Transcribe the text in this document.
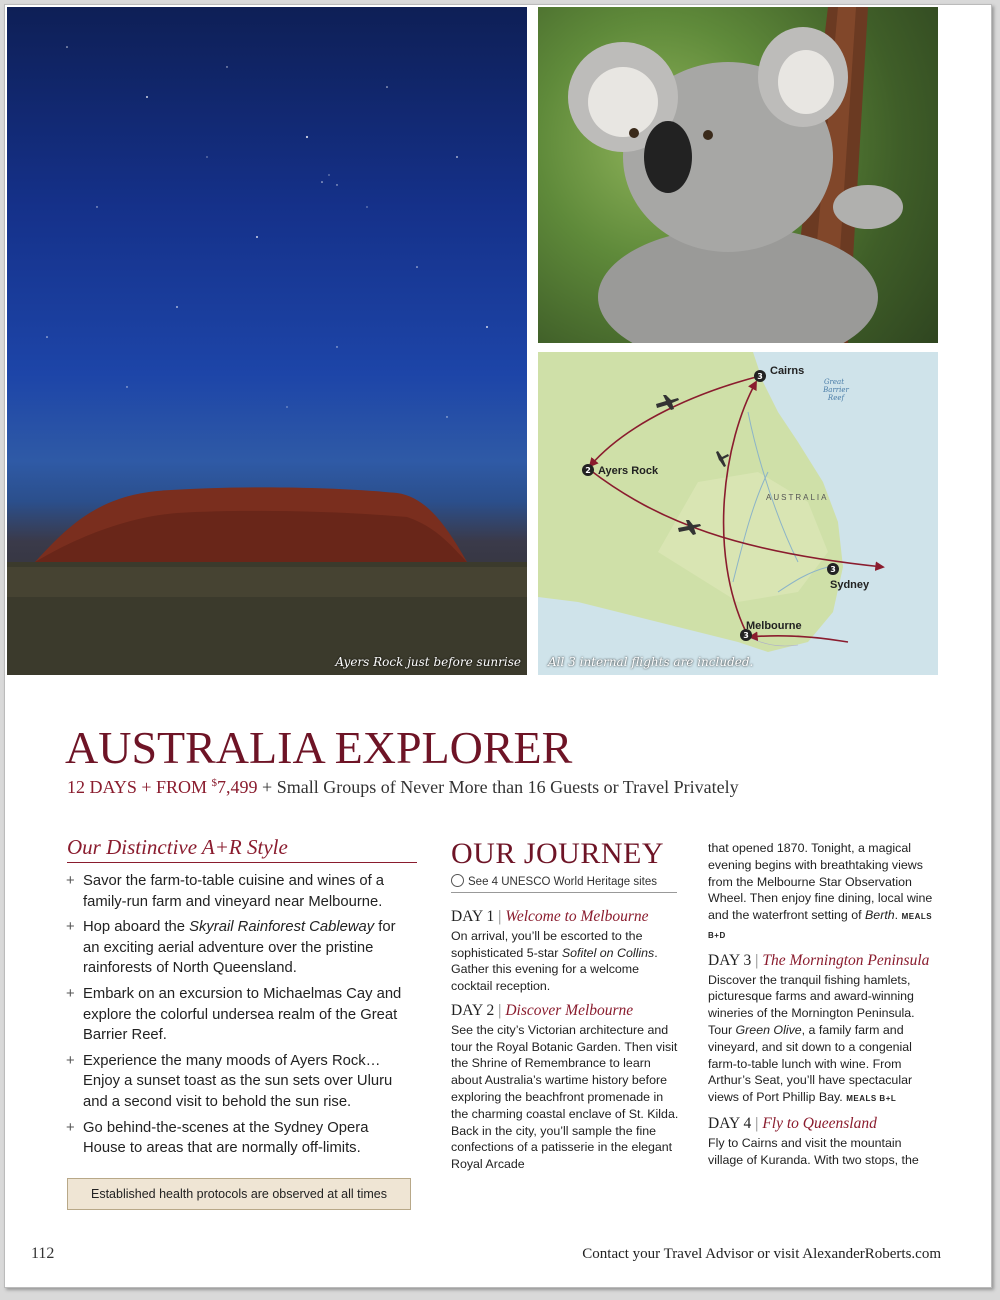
Ayers Rock just before sunrise
3
2
3
3
Cairns
Ayers Rock
Sydney
Melbourne
AUSTRALIA
Great
Barrier
Reef
All 3 internal flights are included.
AUSTRALIA EXPLORER
12 DAYS + FROM $7,499 + Small Groups of Never More than 16 Guests or Travel Privately
Our Distinctive A+R Style
+ Savor the farm-to-table cuisine and wines of a family-run farm and vineyard near Melbourne.
+ Hop aboard the Skyrail Rainforest Cableway for an exciting aerial adventure over the pristine rainforests of North Queensland.
+ Embark on an excursion to Michaelmas Cay and explore the colorful undersea realm of the Great Barrier Reef.
+ Experience the many moods of Ayers Rock… Enjoy a sunset toast as the sun sets over Uluru and a second visit to behold the sun rise.
+ Go behind-the-scenes at the Sydney Opera House to areas that are normally off-limits.
Established health protocols are observed at all times
OUR JOURNEY
See 4 UNESCO World Heritage sites
DAY 1 | Welcome to Melbourne

On arrival, you’ll be escorted to the sophisticated 5-star Sofitel on Collins. Gather this evening for a welcome cocktail reception.

DAY 2 | Discover Melbourne

See the city’s Victorian architecture and tour the Royal Botanic Garden. Then visit the Shrine of Remembrance to learn about Australia’s wartime history before exploring the beachfront promenade in the charming coastal enclave of St. Kilda. Back in the city, you’ll sample the fine confections of a patisserie in the elegant Royal Arcade

that opened 1870. Tonight, a magical evening begins with breathtaking views from the Melbourne Star Observation Wheel. Then enjoy fine dining, local wine and the waterfront setting of Berth. MEALS B+D

DAY 3 | The Mornington Peninsula

Discover the tranquil fishing hamlets, picturesque farms and award-winning wineries of the Mornington Peninsula. Tour Green Olive, a family farm and vineyard, and sit down to a congenial farm-to-table lunch with wine. From Arthur’s Seat, you’ll have spectacular views of Port Phillip Bay. MEALS B+L

DAY 4 | Fly to Queensland

Fly to Cairns and visit the mountain village of Kuranda. With two stops, the

112	Contact your Travel Advisor or visit AlexanderRoberts.com
